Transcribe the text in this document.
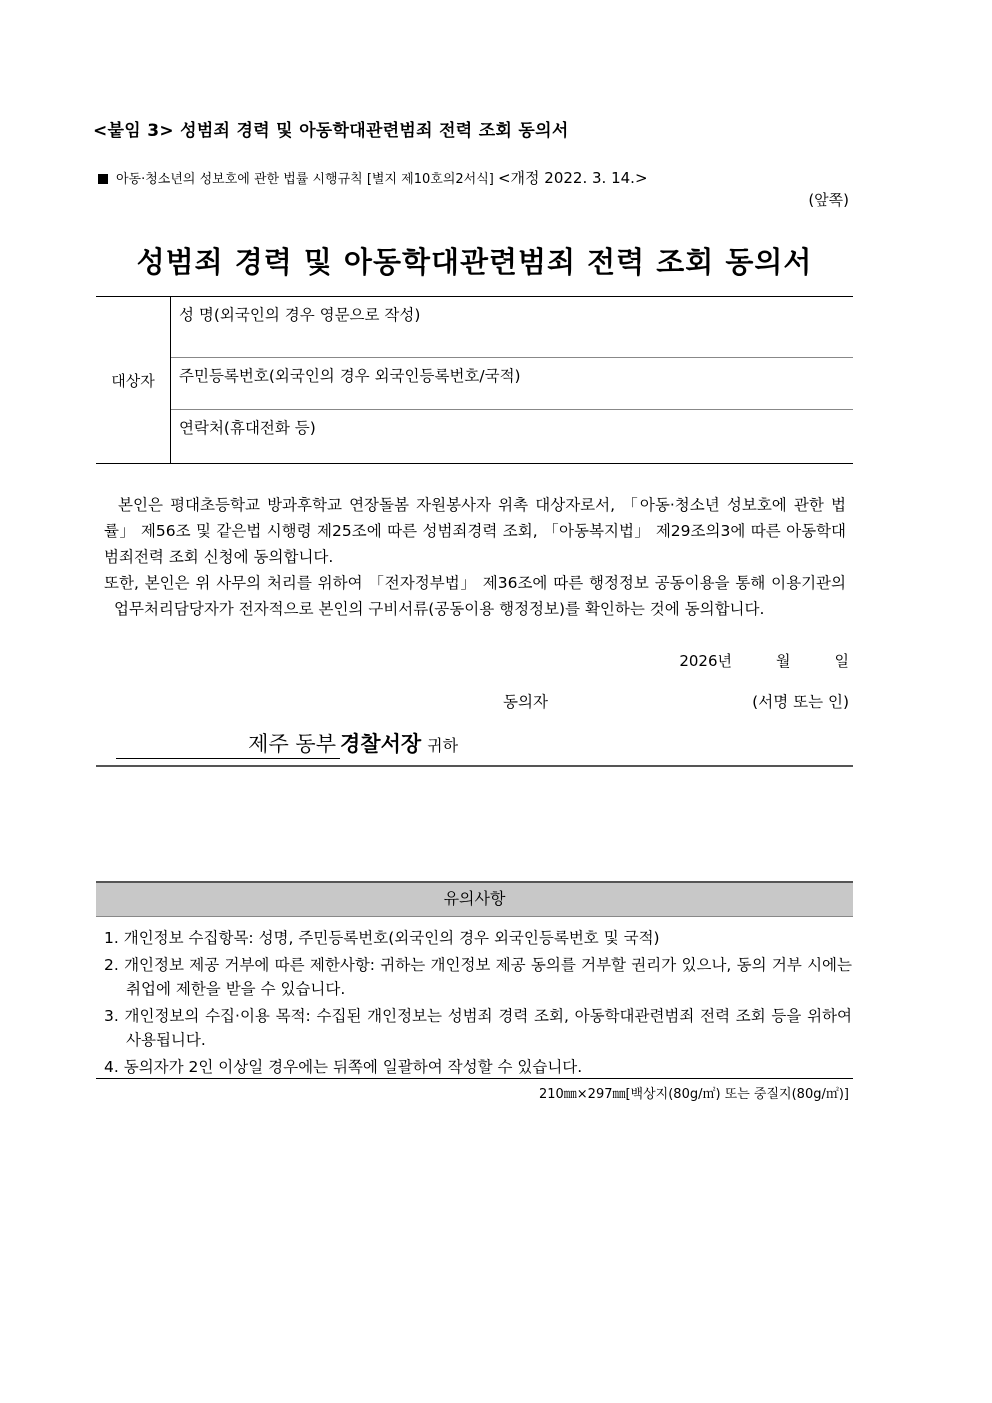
<붙임 3> 성범죄 경력 및 아동학대관련범죄 전력 조회 동의서
아동·청소년의 성보호에 관한 법률 시행규칙 [별지 제10호의2서식] <개정 2022. 3. 14.>
(앞쪽)
성범죄 경력 및 아동학대관련범죄 전력 조회 동의서
대상자
성 명(외국인의 경우 영문으로 작성)
주민등록번호(외국인의 경우 외국인등록번호/국적)
연락처(휴대전화 등)

본인은 평대초등학교 방과후학교 연장돌봄 자원봉사자 위촉 대상자로서, 「아동·청소년 성보호에 관한 법률」 제56조 및 같은법 시행령 제25조에 따른 성범죄경력 조회, 「아동복지법」 제29조의3에 따른 아동학대 범죄전력 조회 신청에 동의합니다.

또한, 본인은 위 사무의 처리를 위하여 「전자정부법」 제36조에 따른 행정정보 공동이용을 통해 이용기관의 업무처리담당자가 전자적으로 본인의 구비서류(공동이용 행정정보)를 확인하는 것에 동의합니다.

2026년	월	일
동의자	(서명 또는 인)
제주 동부 경찰서장 귀하
유의사항
1. 개인정보 수집항목: 성명, 주민등록번호(외국인의 경우 외국인등록번호 및 국적)
2. 개인정보 제공 거부에 따른 제한사항: 귀하는 개인정보 제공 동의를 거부할 권리가 있으나, 동의 거부 시에는 취업에 제한을 받을 수 있습니다.
3. 개인정보의 수집·이용 목적: 수집된 개인정보는 성범죄 경력 조회, 아동학대관련범죄 전력 조회 등을 위하여 사용됩니다.
4. 동의자가 2인 이상일 경우에는 뒤쪽에 일괄하여 작성할 수 있습니다.
210㎜×297㎜[백상지(80g/㎡) 또는 중질지(80g/㎡)]
